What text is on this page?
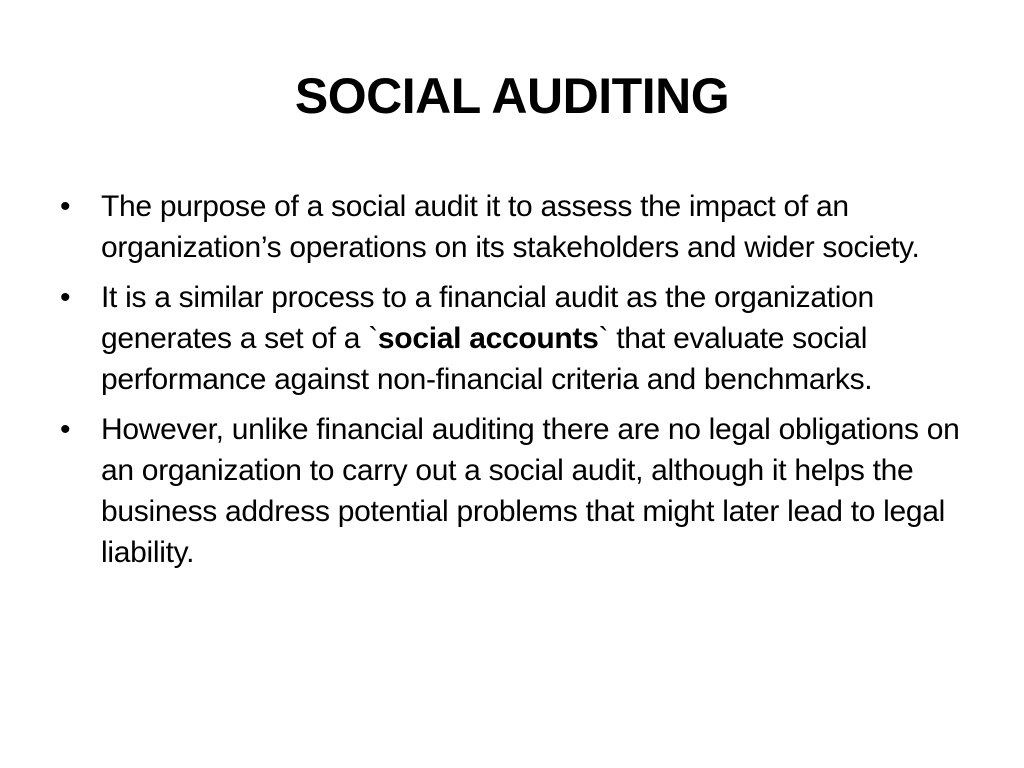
SOCIAL AUDITING
•	The purpose of a social audit it to assess the impact of an organization’s operations on its stakeholders and wider society.
•	It is a similar process to a financial audit as the organization generates a set of a `social accounts` that evaluate social performance against non-financial criteria and benchmarks.
•	However, unlike financial auditing there are no legal obligations on an organization to carry out a social audit, although it helps the business address potential problems that might later lead to legal liability.
